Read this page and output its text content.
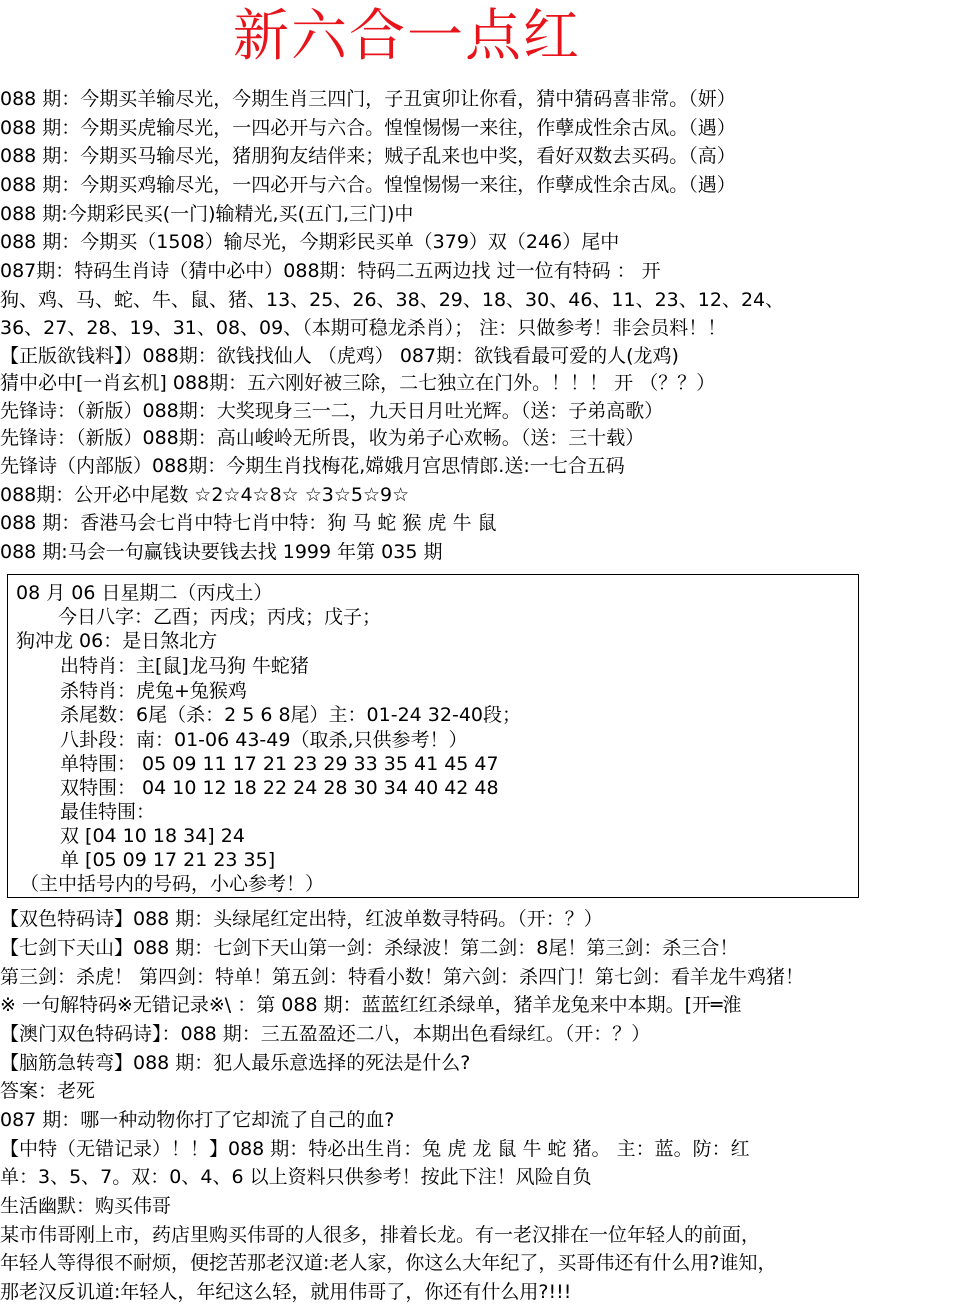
新六合一点红
088 期：今期买羊输尽光，今期生肖三四门，子丑寅卯让你看，猜中猜码喜非常。（妍）
088 期：今期买虎输尽光，一四必开与六合。惶惶惕惕一来往，作孽成性余古凤。（遇）
088 期：今期买马输尽光，猪朋狗友结伴来；贼子乱来也中奖，看好双数去买码。（高）
088 期：今期买鸡输尽光，一四必开与六合。惶惶惕惕一来往，作孽成性余古凤。（遇）
088 期:今期彩民买(一门)输精光,买(五门,三门)中
088 期：今期买（1508）输尽光，今期彩民买单（379）双（246）尾中
087期：特码生肖诗（猜中必中）088期：特码二五两边找 过一位有特码 ： 开
狗、鸡、马、蛇、牛、鼠、猪、13、25、26、38、29、18、30、46、11、23、12、24、
36、27、28、19、31、08、09、（本期可稳龙杀肖）； 注：只做参考！非会员料！！
【正版欲钱料】）088期：欲钱找仙人 （虎鸡） 087期：欲钱看最可爱的人(龙鸡)
猜中必中[一肖玄机] 088期：五六刚好被三除，二七独立在门外。！！！ 开 （？？）
先锋诗：（新版）088期：大奖现身三一二，九天日月吐光辉。（送：子弟高歌）
先锋诗：（新版）088期：高山峻岭无所畏，收为弟子心欢畅。（送：三十载）
先锋诗（内部版）088期：今期生肖找梅花,嫦娥月宫思情郎.送:一七合五码
088期：公开必中尾数 ☆2☆4☆8☆ ☆3☆5☆9☆
088 期：香港马会七肖中特七肖中特：狗 马 蛇 猴 虎 牛 鼠
088 期:马会一句赢钱诀要钱去找 1999 年第 035 期
08 月 06 日星期二（丙戌土）
今日八字：乙酉；丙戌；丙戌；戊子；
狗冲龙 06：是日煞北方
出特肖：主[鼠]龙马狗 牛蛇猪
杀特肖：虎兔+兔猴鸡
杀尾数：6尾（杀：2 5 6 8尾）主：01-24 32-40段；
八卦段：南：01-06 43-49（取杀,只供参考！）
单特围： 05 09 11 17 21 23 29 33 35 41 45 47
双特围： 04 10 12 18 22 24 28 30 34 40 42 48
最佳特围：
双 [04 10 18 34] 24
单 [05 09 17 21 23 35]
（主中括号内的号码，小心参考！）
【双色特码诗】088 期：头绿尾红定出特，红波单数寻特码。（开：？）
【七剑下天山】088 期：七剑下天山第一剑：杀绿波！第二剑：8尾！第三剑：杀三合！
第三剑：杀虎！ 第四剑：特单！第五剑：特看小数！第六剑：杀四门！第七剑：看羊龙牛鸡猪！
※ 一句解特码※无错记录※\ ：第 088 期：蓝蓝红红杀绿单，猪羊龙兔来中本期。[开═淮
【澳门双色特码诗】：088 期：三五盈盈还二八，本期出色看绿红。（开：？）
【脑筋急转弯】088 期：犯人最乐意选择的死法是什么?
答案：老死
087 期：哪一种动物你打了它却流了自己的血?
【中特（无错记录）！！】088 期：特必出生肖：兔 虎 龙 鼠 牛 蛇 猪。 主：蓝。防：红
单：3、5、7。双：0、4、6 以上资料只供参考！按此下注！风险自负
生活幽默：购买伟哥
某市伟哥刚上市，药店里购买伟哥的人很多，排着长龙。有一老汉排在一位年轻人的前面，
年轻人等得很不耐烦，便挖苦那老汉道:老人家，你这么大年纪了，买哥伟还有什么用?谁知，
那老汉反讥道:年轻人，年纪这么轻，就用伟哥了，你还有什么用?!!!
